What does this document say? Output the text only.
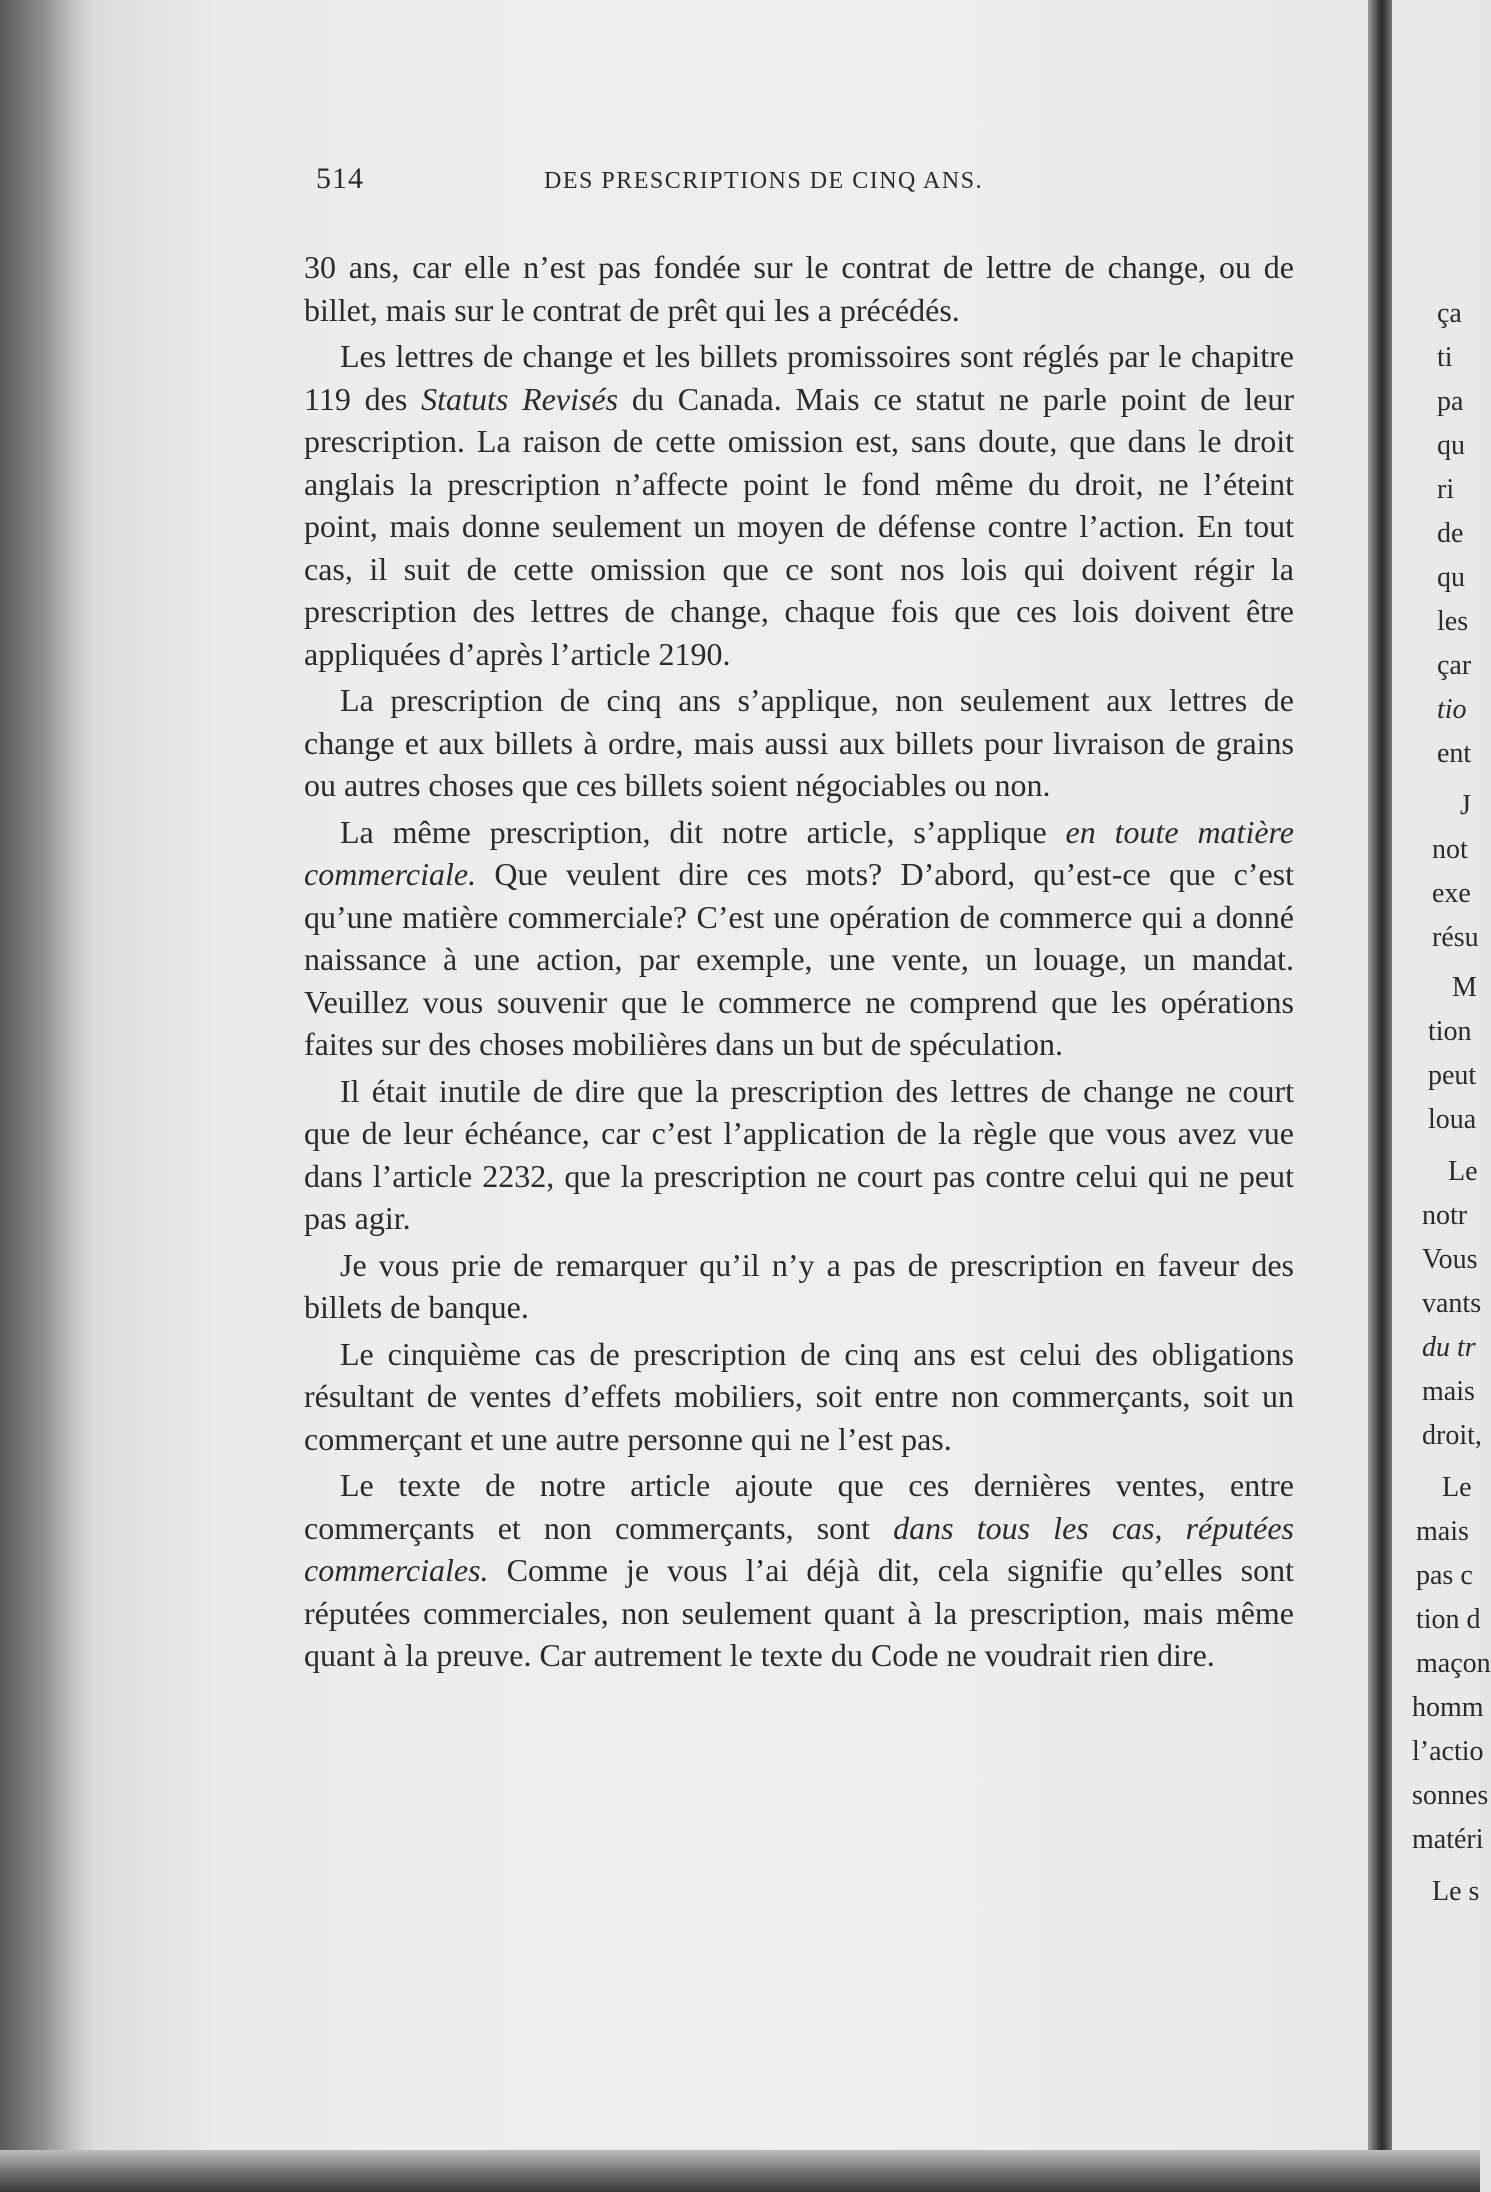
514	DES PRESCRIPTIONS DE CINQ ANS.

30 ans, car elle n’est pas fondée sur le contrat de lettre de change, ou de billet, mais sur le contrat de prêt qui les a précédés.

Les lettres de change et les billets promissoires sont réglés par le chapitre 119 des Statuts Revisés du Canada. Mais ce statut ne parle point de leur prescription. La raison de cette omission est, sans doute, que dans le droit anglais la prescription n’affecte point le fond même du droit, ne l’éteint point, mais donne seulement un moyen de défense contre l’action. En tout cas, il suit de cette omission que ce sont nos lois qui doivent régir la prescription des lettres de change, chaque fois que ces lois doivent être appliquées d’après l’article 2190.

La prescription de cinq ans s’applique, non seulement aux lettres de change et aux billets à ordre, mais aussi aux billets pour livraison de grains ou autres choses que ces billets soient négociables ou non.

La même prescription, dit notre article, s’applique en toute matière commerciale. Que veulent dire ces mots? D’abord, qu’est-ce que c’est qu’une matière commerciale? C’est une opération de commerce qui a donné naissance à une action, par exemple, une vente, un louage, un mandat. Veuillez vous souvenir que le commerce ne comprend que les opérations faites sur des choses mobilières dans un but de spéculation.

Il était inutile de dire que la prescription des lettres de change ne court que de leur échéance, car c’est l’application de la règle que vous avez vue dans l’article 2232, que la prescription ne court pas contre celui qui ne peut pas agir.

Je vous prie de remarquer qu’il n’y a pas de prescription en faveur des billets de banque.

Le cinquième cas de prescription de cinq ans est celui des obligations résultant de ventes d’effets mobiliers, soit entre non commerçants, soit un commerçant et une autre personne qui ne l’est pas.

Le texte de notre article ajoute que ces dernières ventes, entre commerçants et non commerçants, sont dans tous les cas, réputées commerciales. Comme je vous l’ai déjà dit, cela signifie qu’elles sont réputées commerciales, non seulement quant à la prescription, mais même quant à la preuve. Car autrement le texte du Code ne voudrait rien dire.

ça
ti
pa
qu
ri
de
qu
les
çar
tio
ent
J
not
exe
résu
M
tion
peut
loua
Le
notr
Vous
vants
du tr
mais
droit,
Le
mais
pas c
tion d
maçon
homm
l’actio
sonnes
matéri
Le s
